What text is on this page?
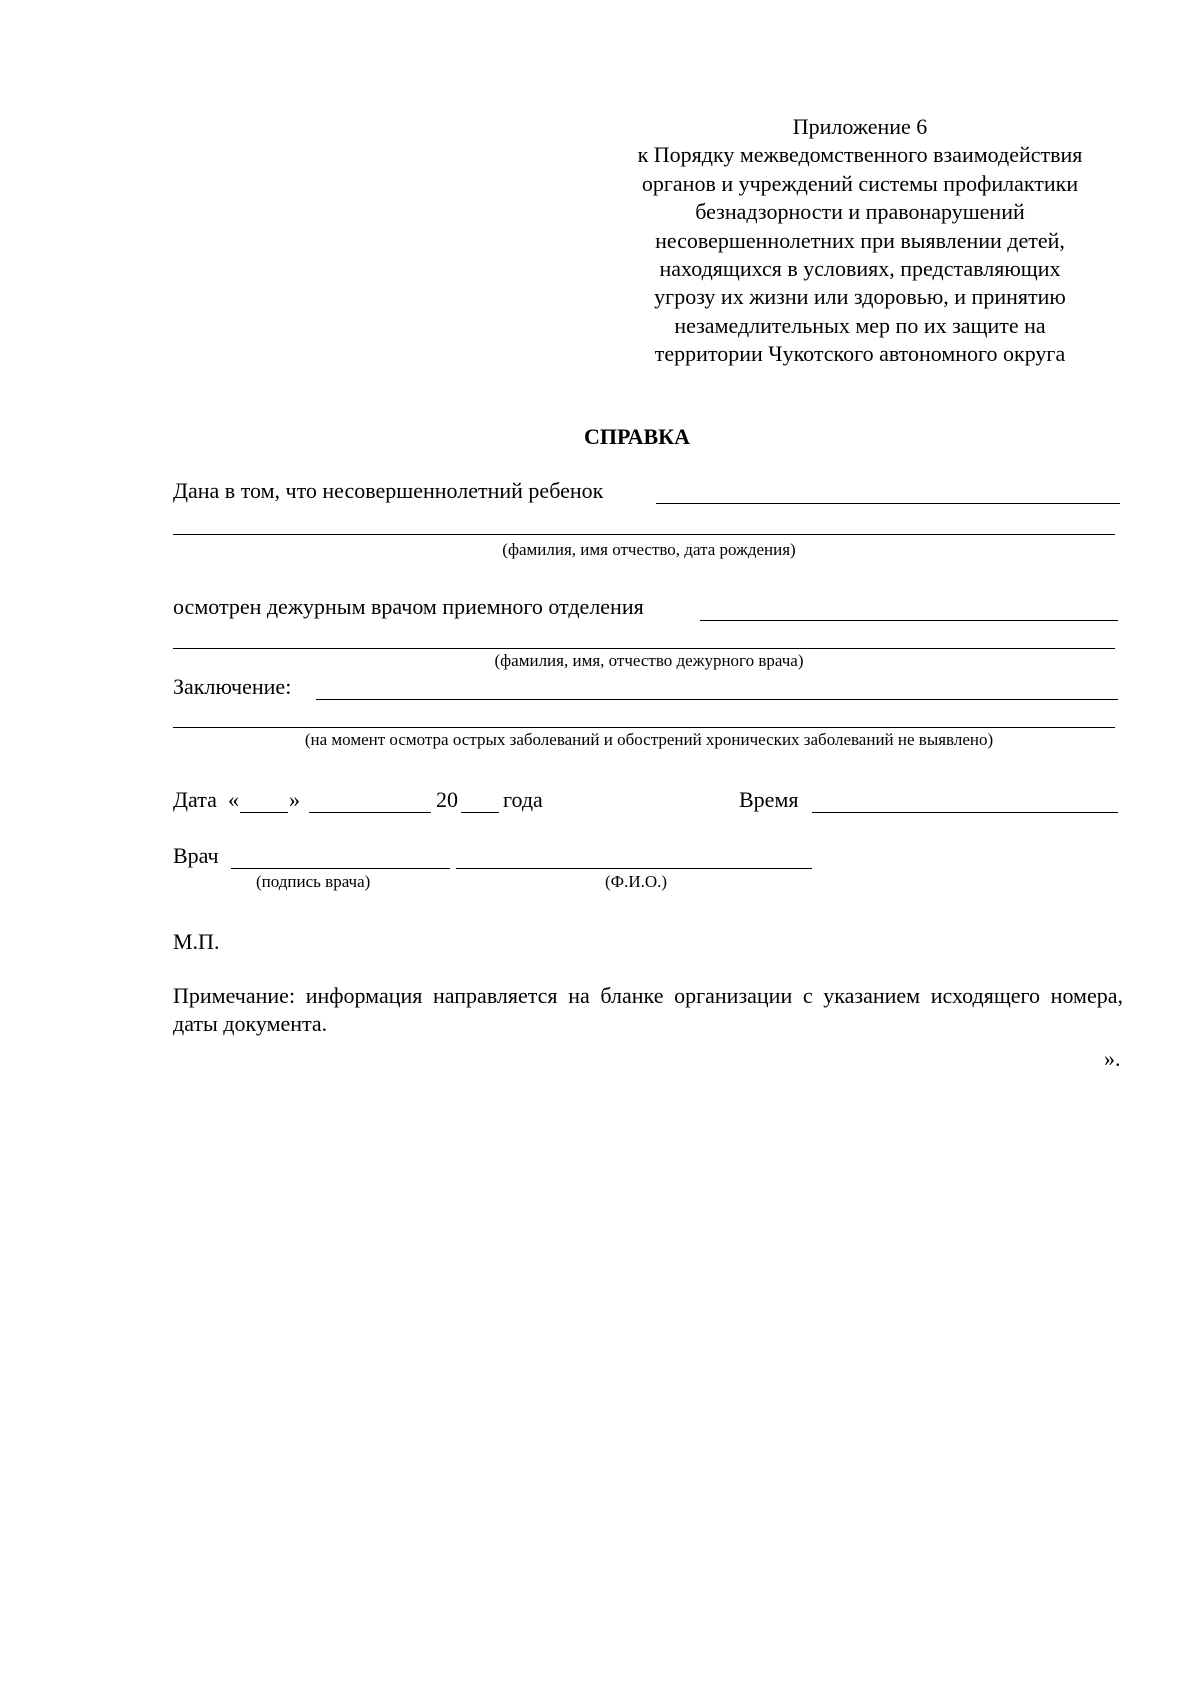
Приложение 6
к Порядку межведомственного взаимодействия
органов и учреждений системы профилактики
безнадзорности и правонарушений
несовершеннолетних при выявлении детей,
находящихся в условиях, представляющих
угрозу их жизни или здоровью, и принятию
незамедлительных мер по их защите на
территории Чукотского автономного округа
СПРАВКА
Дана в том, что несовершеннолетний ребенок
(фамилия, имя отчество, дата рождения)
осмотрен дежурным врачом приемного отделения
(фамилия, имя, отчество дежурного врача)
Заключение:
(на момент осмотра острых заболеваний и обострений хронических заболеваний не выявлено)
Дата « »	20 года	Время
Врач
(подпись врача)	(Ф.И.О.)
М.П.
Примечание: информация направляется на бланке организации с указанием исходящего номера, даты документа.
».
